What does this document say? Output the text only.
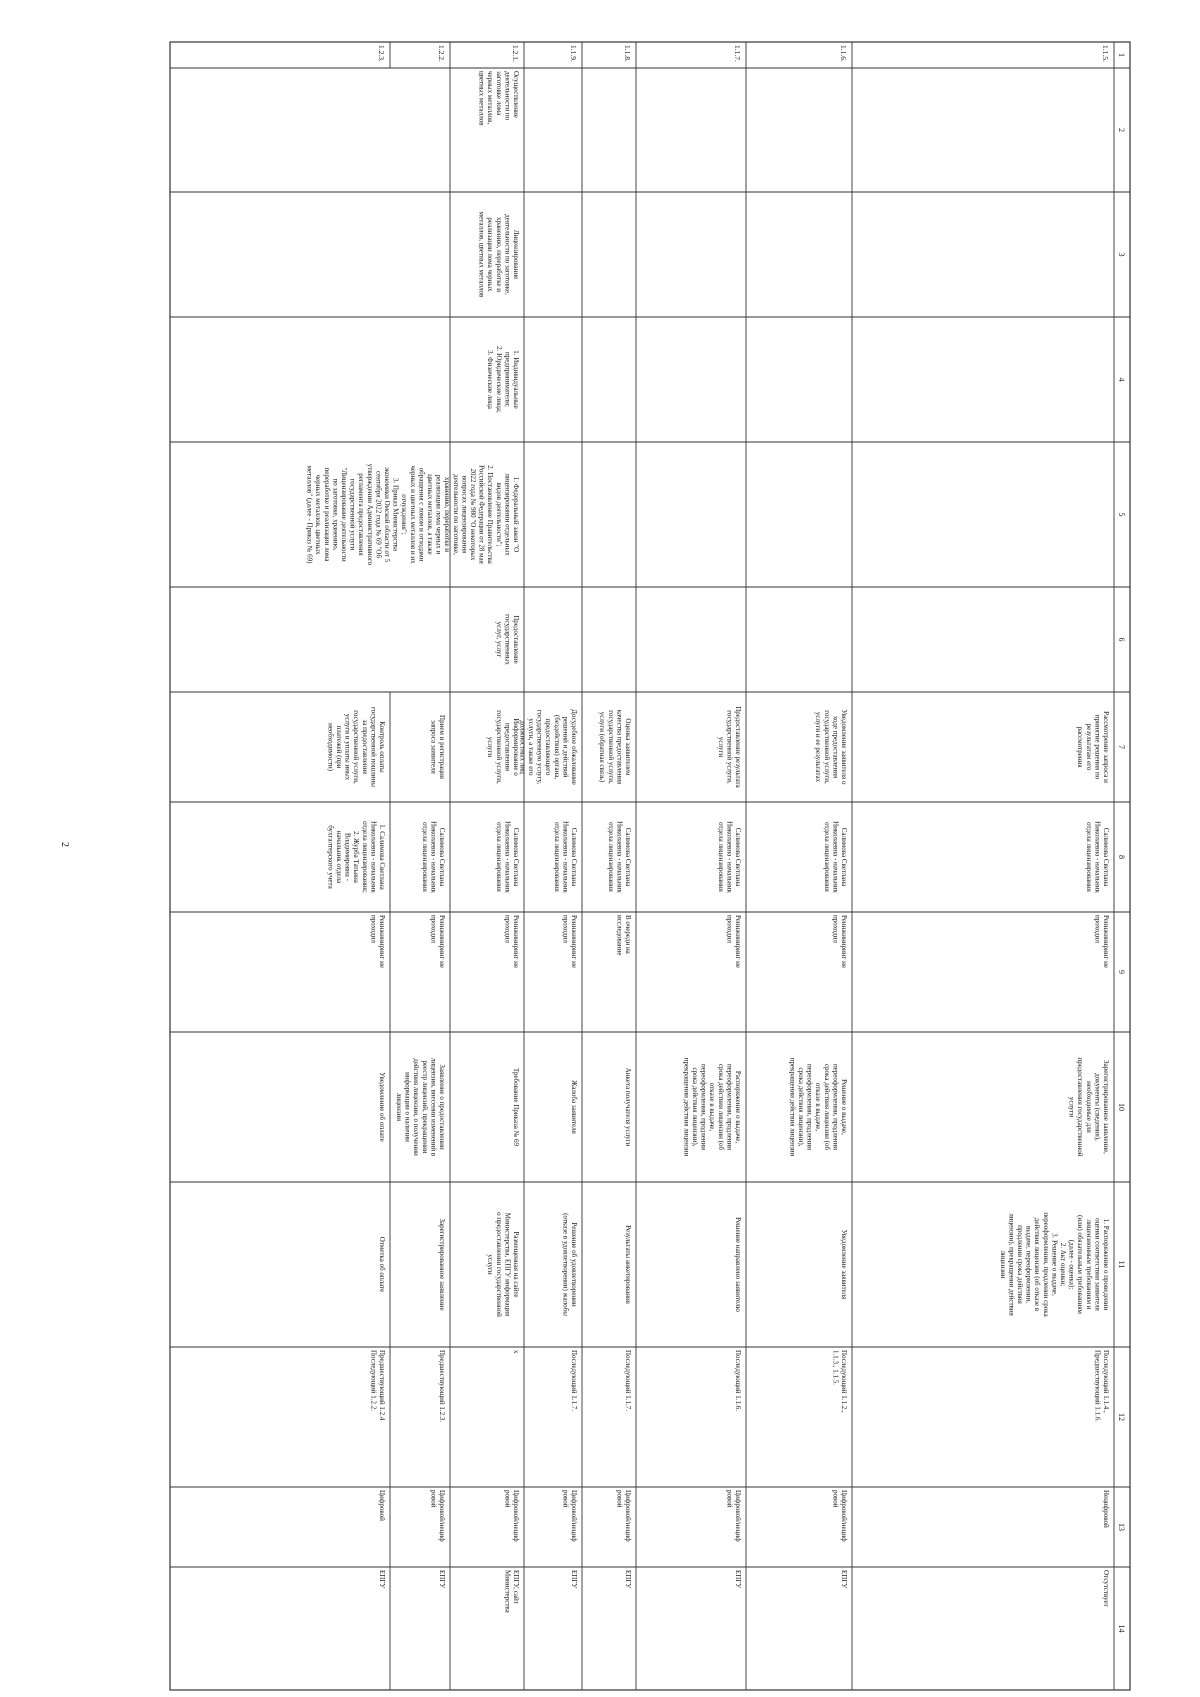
2
1
2
3
4
5
6
7
8
9
10
11
12
13
14
1.1.5.
Рассмотрение запроса и
принятие решения по
результатам его
рассмотрения
Салимова Светлана
Николаевна - начальник
отдела лицензирования
Реинжиниринг не
проходил
Зарегистрированное заявление,
документы (сведения),
необходимые для
предоставления государственной
услуги
1. Распоряжение о проведении
оценки соответствия заявителя
лицензионным требованиям и
(или) обязательным требованиям
(далее - оценка);
2. Акт оценки;
3. Решение о выдаче,
переоформлении, продлении срока
действия лицензии (об отказе в
выдаче, переоформлении,
продлении срока действия
лицензии), прекращении действия
лицензии
Последующий 1.1.4.,
Предшествующий 1.1.6.
Нецифровой
Отсутствует
1.1.6.
Уведомление заявителя о
ходе предоставления
государственной услуги,
услуги и ее результатах
Салимова Светлана
Николаевна - начальник
отдела лицензирования
Реинжиниринг не
проходил
Решение о выдаче,
переоформлении, продлении
срока действия лицензии (об
отказе в выдаче,
переоформлении, продлении
срока действия лицензии),
прекращении действия лицензии
Уведомление заявителя
Последующий 1.1.2.,
1.1.3., 1.1.5.
Цифровой/нециф
ровой
ЕПГУ
1.1.7.
Предоставление результата
государственной услуги,
услуги
Салимова Светлана
Николаевна - начальник
отдела лицензирования
Реинжиниринг не
проходил
Распоряжение о выдаче,
переоформлении, продлении
срока действия лицензии (об
отказе в выдаче,
переоформлении, продлении
срока действия лицензии),
прекращении действия лицензии
Решение направлено заявителю
Последующий 1.1.6.
Цифровой/нециф
ровой
ЕПГУ
1.1.8.
Оценка заявителем
качества предоставления
государственной услуги,
услуги (обратная связь)
Салимова Светлана
Николаевна - начальник
отдела лицензирования
В очереди на
исследование
Анкета получателя услуги
Результаты анкетирования
Последующий 1.1.7.
Цифровой/нециф
ровой
ЕПГУ
1.1.9.
Досудебное обжалование
решений и действий
(бездействия) органа,
предоставляющего
государственную услугу,
услуги, а также его
должностных лиц
Салимова Светлана
Николаевна - начальник
отдела лицензирования
Реинжиниринг не
проходил
Жалоба заявителя
Решение об удовлетворении
(отказе в удовлетворении) жалобы
Последующий 1.1.7.
Цифровой/нециф
ровой
ЕПГУ
1.2.1.
Осуществление
деятельности по
заготовке лома
черных металлов,
цветных металлов
Лицензирование
деятельности по заготовке,
хранению, переработке и
реализации лома черных
металлов, цветных металлов
1. Индивидуальные
предприниматели;
2. Юридические лица;
3. Физические лица
1. Федеральный закон "О
лицензировании отдельных
видов деятельности";
2. Постановление Правительства
Российской Федерации от 28 мая
2022 года № 980 "О некоторых
вопросах лицензирования
деятельности по заготовке,
хранению, переработке и
реализации лома черных и
цветных металлов, а также
обращения с ломом и отходами
черных и цветных металлов и их
отчуждения";
3. Приказ Министерства
экономики Омской области от 5
сентября 2022 года № 69 "Об
утверждении Административного
регламента предоставления
государственной услуги
"Лицензирование деятельности
по заготовке, хранению,
переработке и реализации лома
черных металлов, цветных
металлов" (далее - Приказ № 69)
Предоставление
государственных
услуг, услуг
Информирование о
предоставлении
государственной услуги,
услуги
Салимова Светлана
Николаевна - начальник
отдела лицензирования
Реинжиниринг не
проходил
Требование Приказа № 69
Размещенная на сайте
Министерства, ЕПГУ информация
о предоставлении государственной
услуги
x
Цифровой/нециф
ровой
ЕПГУ, сайт
Министерства
1.2.2.
Прием и регистрация
запроса заявителя
Салимова Светлана
Николаевна - начальник
отдела лицензирования
Реинжиниринг не
проходил
Заявление о предоставлении
лицензии, внесении изменений в
реестр лицензий, прекращении
действия лицензии, о получении
информации о наличии
лицензии
Зарегистрированное заявление
Предшествующий 1.2.3.
Цифровой/нециф
ровой
ЕПГУ
1.2.3.
Контроль оплаты
государственной пошлины
за предоставление
государственной услуги,
услуги и уплаты иных
платежей (при
необходимости)
1. Салимова Светлана
Николаевна - начальник
отдела лицензирования;
2. Журба Татьяна
Владимировна -
начальник отдела
бухгалтерского учета
Реинжиниринг не
проходил
Уведомление об оплате
Отметка об оплате
Предшествующий 1.2.4
Последующий 1.2.2.
Цифровой
ЕПГУ
